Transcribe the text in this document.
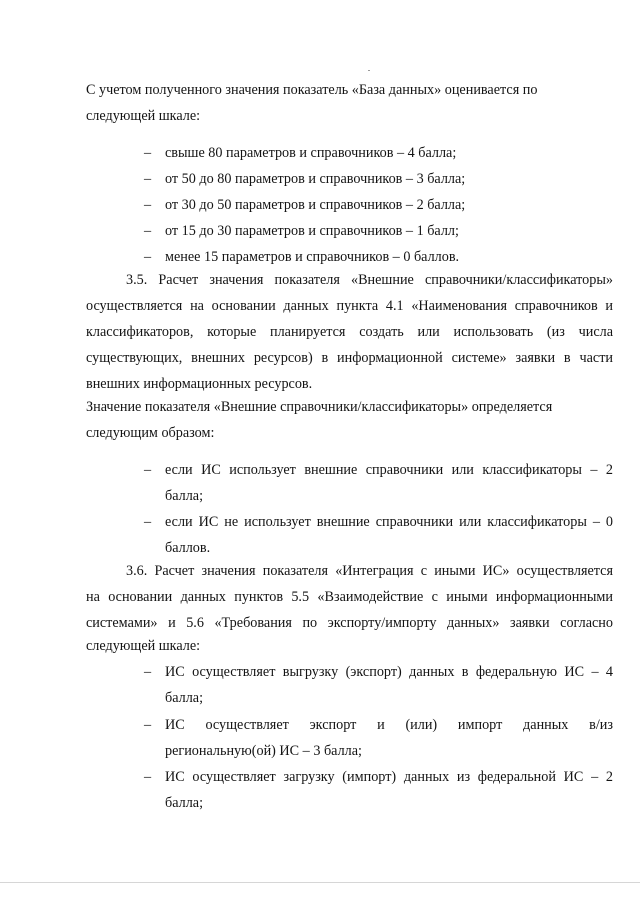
С учетом полученного значения показатель «База данных» оценивается по
следующей шкале:
– свыше 80 параметров и справочников – 4 балла;
– от 50 до 80 параметров и справочников – 3 балла;
– от 30 до 50 параметров и справочников – 2 балла;
– от 15 до 30 параметров и справочников – 1 балл;
– менее 15 параметров и справочников – 0 баллов.
3.5. Расчет значения показателя «Внешние справочники/классификаторы»
осуществляется на основании данных пункта 4.1 «Наименования справочников и
классификаторов, которые планируется создать или использовать (из числа
существующих, внешних ресурсов) в информационной системе» заявки в части
внешних информационных ресурсов.
Значение показателя «Внешние справочники/классификаторы» определяется
следующим образом:
– если ИС использует внешние справочники или классификаторы – 2
балла;
– если ИС не использует внешние справочники или классификаторы – 0
баллов.
3.6. Расчет значения показателя «Интеграция с иными ИС» осуществляется
на основании данных пунктов 5.5 «Взаимодействие с иными информационными
системами» и 5.6 «Требования по экспорту/импорту данных» заявки согласно
следующей шкале:
– ИС осуществляет выгрузку (экспорт) данных в федеральную ИС – 4
балла;
– ИС осуществляет экспорт и (или) импорт данных в/из
региональную(ой) ИС – 3 балла;
– ИС осуществляет загрузку (импорт) данных из федеральной ИС – 2
балла;
